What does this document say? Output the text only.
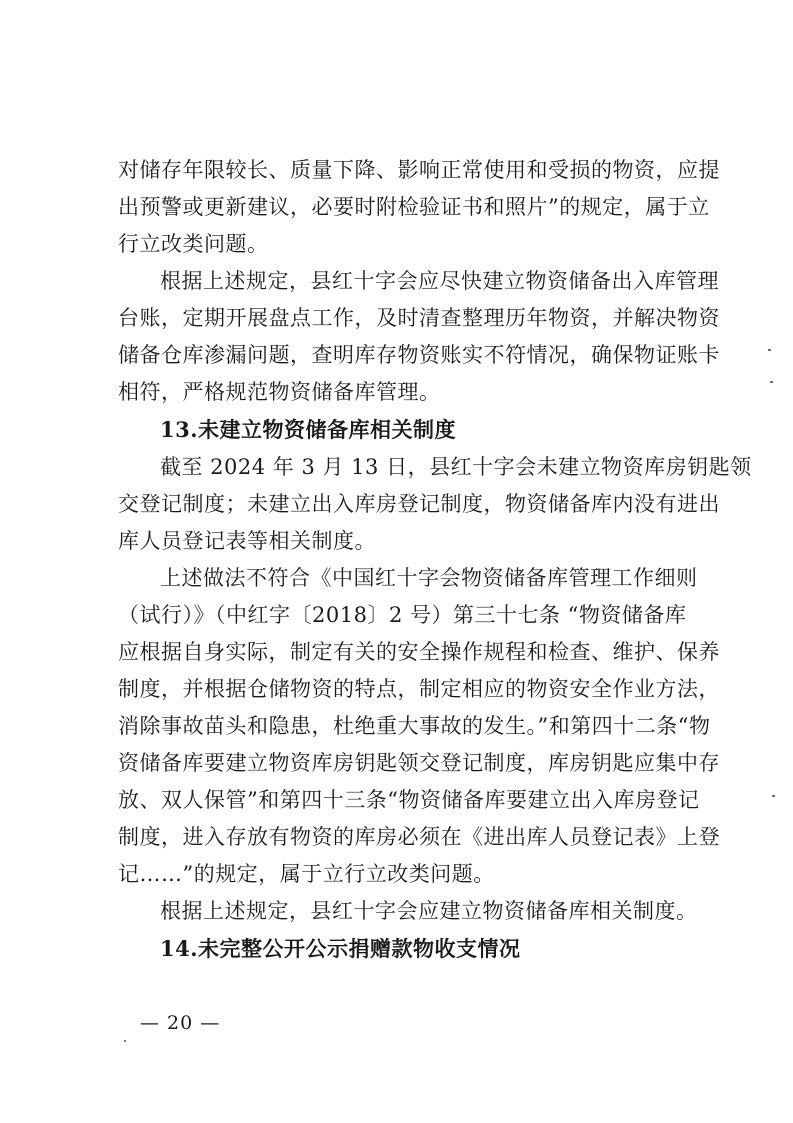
对储存年限较长、质量下降、影响正常使用和受损的物资，应提
出预警或更新建议，必要时附检验证书和照片”的规定，属于立
行立改类问题。
根据上述规定，县红十字会应尽快建立物资储备出入库管理
台账，定期开展盘点工作，及时清查整理历年物资，并解决物资
储备仓库渗漏问题，查明库存物资账实不符情况，确保物证账卡
相符，严格规范物资储备库管理。
13.未建立物资储备库相关制度
截至 2024 年 3 月 13 日，县红十字会未建立物资库房钥匙领
交登记制度；未建立出入库房登记制度，物资储备库内没有进出
库人员登记表等相关制度。
上述做法不符合《中国红十字会物资储备库管理工作细则
（试行）》（中红字〔2018〕2 号）第三十七条 “物资储备库
应根据自身实际，制定有关的安全操作规程和检查、维护、保养
制度，并根据仓储物资的特点，制定相应的物资安全作业方法，
消除事故苗头和隐患，杜绝重大事故的发生。”和第四十二条“物
资储备库要建立物资库房钥匙领交登记制度，库房钥匙应集中存
放、双人保管”和第四十三条“物资储备库要建立出入库房登记
制度，进入存放有物资的库房必须在《进出库人员登记表》上登
记……”的规定，属于立行立改类问题。
根据上述规定，县红十字会应建立物资储备库相关制度。
14.未完整公开公示捐赠款物收支情况
— 20 —
